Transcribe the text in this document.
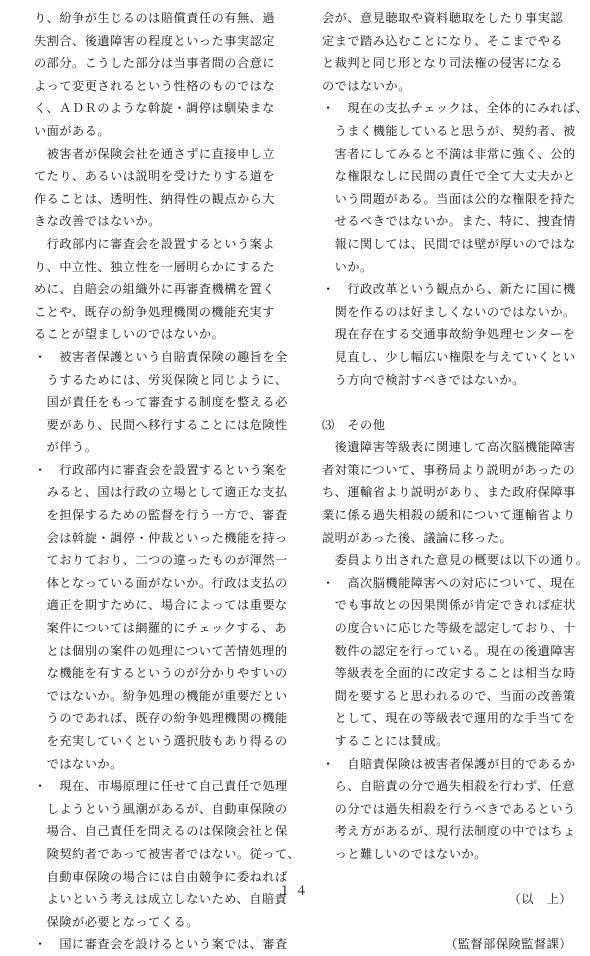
り、紛争が生じるのは賠償責任の有無、過
失割合、後遺障害の程度といった事実認定
の部分。こうした部分は当事者間の合意に
よって変更されるという性格のものではな
く、ＡＤＲのような斡旋・調停は馴染まな
い面がある。
　被害者が保険会社を通さずに直接申し立
てたり、あるいは説明を受けたりする道を
作ることは、透明性、納得性の観点から大
きな改善ではないか。
　行政部内に審査会を設置するという案よ
り、中立性、独立性を一層明らかにするた
めに、自賠会の組織外に再審査機構を置く
ことや、既存の紛争処理機関の機能充実す
ることが望ましいのではないか。
・　被害者保護という自賠責保険の趣旨を全
　うするためには、労災保険と同じように、
　国が責任をもって審査する制度を整える必
　要があり、民間へ移行することには危険性
　が伴う。
・　行政部内に審査会を設置するという案を
　みると、国は行政の立場として適正な支払
　を担保するための監督を行う一方で、審査
　会は斡旋・調停・仲裁といった機能を持っ
　ておりており、二つの違ったものが渾然一
　体となっている面がないか。行政は支払の
　適正を期すために、場合によっては重要な
　案件については網羅的にチェックする、あ
　とは個別の案件の処理について苦情処理的
　な機能を有するというのが分かりやすいの
　ではないか。紛争処理の機能が重要だとい
　うのであれば、既存の紛争処理機関の機能
　を充実していくという選択肢もあり得るの
　ではないか。
・　現在、市場原理に任せて自己責任で処理
　しようという風潮があるが、自動車保険の
　場合、自己責任を問えるのは保険会社と保
　険契約者であって被害者ではない。従って、
　自動車保険の場合には自由競争に委ねれば
　よいという考えは成立しないため、自賠責
　保険が必要となってくる。
・　国に審査会を設けるという案では、審査
会が、意見聴取や資料聴取をしたり事実認
定まで踏み込むことになり、そこまでやる
と裁判と同じ形となり司法権の侵害になる
のではないか。
・　現在の支払チェックは、全体的にみれば、
　うまく機能していると思うが、契約者、被
　害者にしてみると不満は非常に強く、公的
　な権限なしに民間の責任で全て大丈夫かと
　いう問題がある。当面は公的な権限を持た
　せるべきではないか。また、特に、捜査情
　報に関しては、民間では壁が厚いのではな
　いか。
・　行政改革という観点から、新たに国に機
　関を作るのは好ましくないのではないか。
　現在存在する交通事故紛争処理センターを
　見直し、少し幅広い権限を与えていくとい
　う方向で検討すべきではないか。
⑶　その他
　後遺障害等級表に関連して高次脳機能障害
者対策について、事務局より説明があったの
ち、運輸省より説明があり、また政府保障事
業に係る過失相殺の緩和について運輸省より
説明があった後、議論に移った。
　委員より出された意見の概要は以下の通り。
・　高次脳機能障害への対応について、現在
　でも事故との因果関係が肯定できれば症状
　の度合いに応じた等級を認定しており、十
　数件の認定を行っている。現在の後遺障害
　等級表を全面的に改定することは相当な時
　間を要すると思われるので、当面の改善策
　として、現在の等級表で運用的な手当てを
　することには賛成。
・　自賠責保険は被害者保護が目的であるか
　ら、自賠責の分で過失相殺を行わず、任意
　の分では過失相殺を行うべきであるという
　考え方があるが、現行法制度の中ではちょ
　っと難しいのではないか。
（以　上）
（監督部保険監督課）
１４
